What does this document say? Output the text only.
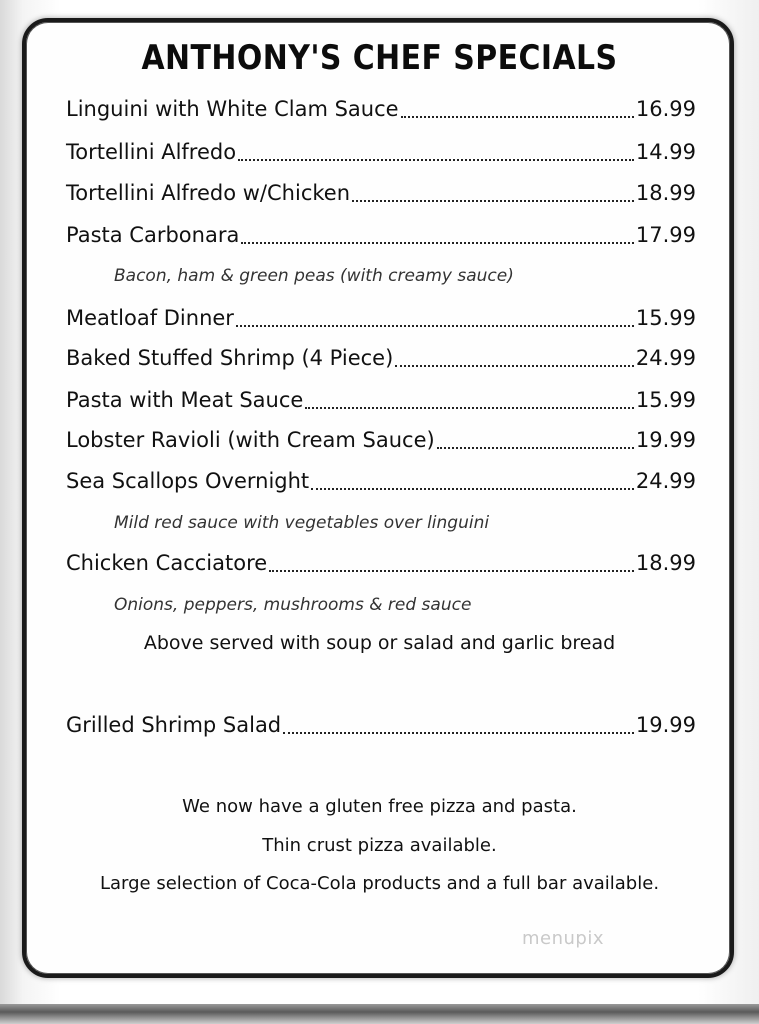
ANTHONY'S CHEF SPECIALS
Linguini with White Clam Sauce	16.99
Tortellini Alfredo	14.99
Tortellini Alfredo w/Chicken	18.99
Pasta Carbonara	17.99
Bacon, ham & green peas (with creamy sauce)
Meatloaf Dinner	15.99
Baked Stuffed Shrimp (4 Piece)	24.99
Pasta with Meat Sauce	15.99
Lobster Ravioli (with Cream Sauce)	19.99
Sea Scallops Overnight	24.99
Mild red sauce with vegetables over linguini
Chicken Cacciatore	18.99
Onions, peppers, mushrooms & red sauce
Above served with soup or salad and garlic bread
Grilled Shrimp Salad	19.99
We now have a gluten free pizza and pasta.
Thin crust pizza available.
Large selection of Coca-Cola products and a full bar available.
menupix
